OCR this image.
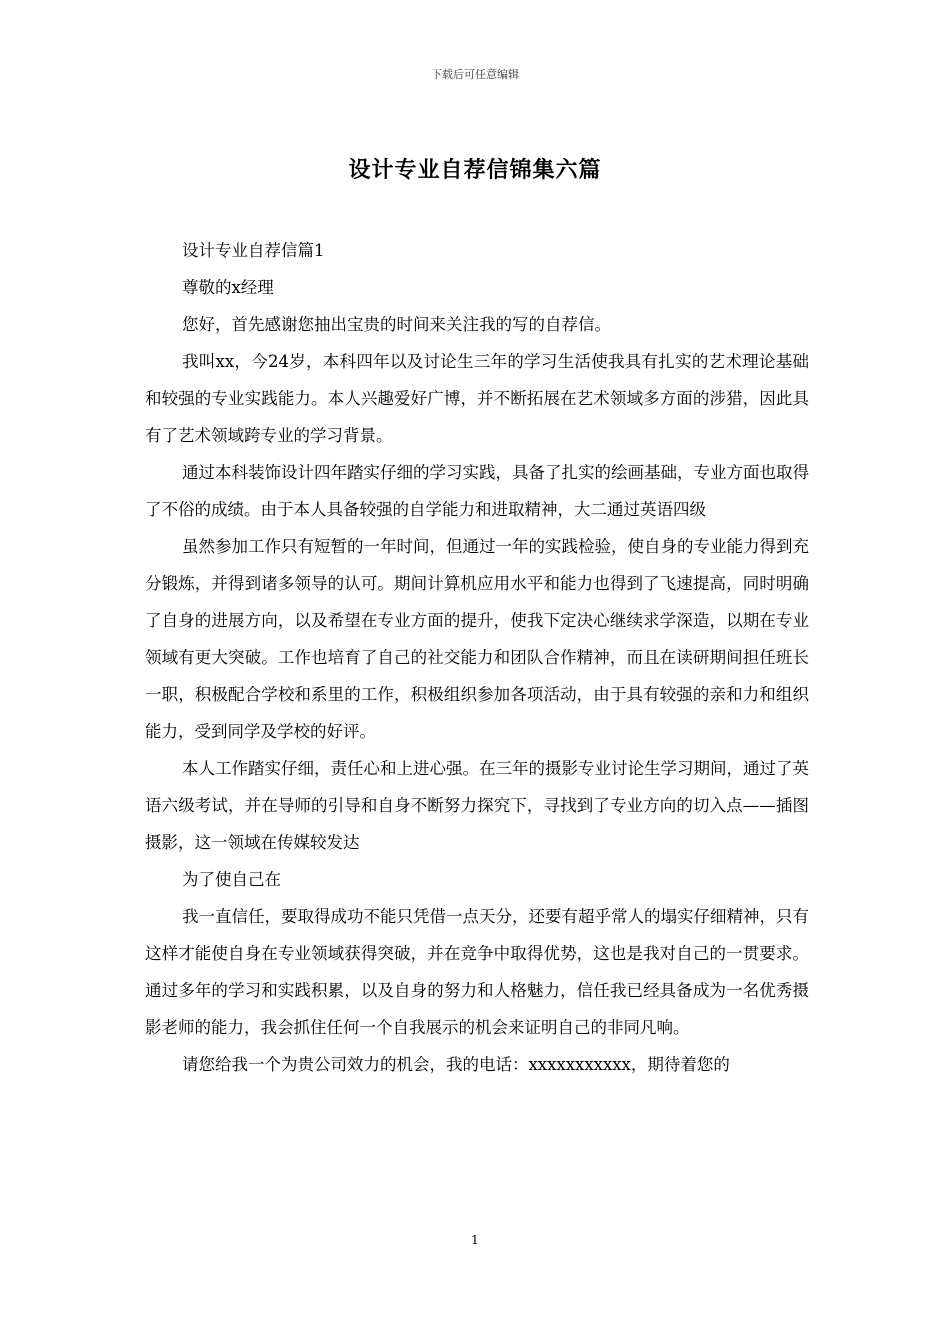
下载后可任意编辑
设计专业自荐信锦集六篇

设计专业自荐信篇1

尊敬的x经理

您好，首先感谢您抽出宝贵的时间来关注我的写的自荐信。

我叫xx，今24岁，本科四年以及讨论生三年的学习生活使我具有扎实的艺术理论基础和较强的专业实践能力。本人兴趣爱好广博，并不断拓展在艺术领域多方面的涉猎，因此具有了艺术领域跨专业的学习背景。

通过本科装饰设计四年踏实仔细的学习实践，具备了扎实的绘画基础，专业方面也取得了不俗的成绩。由于本人具备较强的自学能力和进取精神，大二通过英语四级

虽然参加工作只有短暂的一年时间，但通过一年的实践检验，使自身的专业能力得到充分锻炼，并得到诸多领导的认可。期间计算机应用水平和能力也得到了飞速提高，同时明确了自身的进展方向，以及希望在专业方面的提升，使我下定决心继续求学深造，以期在专业领域有更大突破。工作也培育了自己的社交能力和团队合作精神，而且在读研期间担任班长一职，积极配合学校和系里的工作，积极组织参加各项活动，由于具有较强的亲和力和组织能力，受到同学及学校的好评。

本人工作踏实仔细，责任心和上进心强。在三年的摄影专业讨论生学习期间，通过了英语六级考试，并在导师的引导和自身不断努力探究下，寻找到了专业方向的切入点——插图摄影，这一领域在传媒较发达

为了使自己在

我一直信任，要取得成功不能只凭借一点天分，还要有超乎常人的塌实仔细精神，只有这样才能使自身在专业领域获得突破，并在竞争中取得优势，这也是我对自己的一贯要求。通过多年的学习和实践积累，以及自身的努力和人格魅力，信任我已经具备成为一名优秀摄影老师的能力，我会抓住任何一个自我展示的机会来证明自己的非同凡响。

请您给我一个为贵公司效力的机会，我的电话：xxxxxxxxxxx，期待着您的

1
